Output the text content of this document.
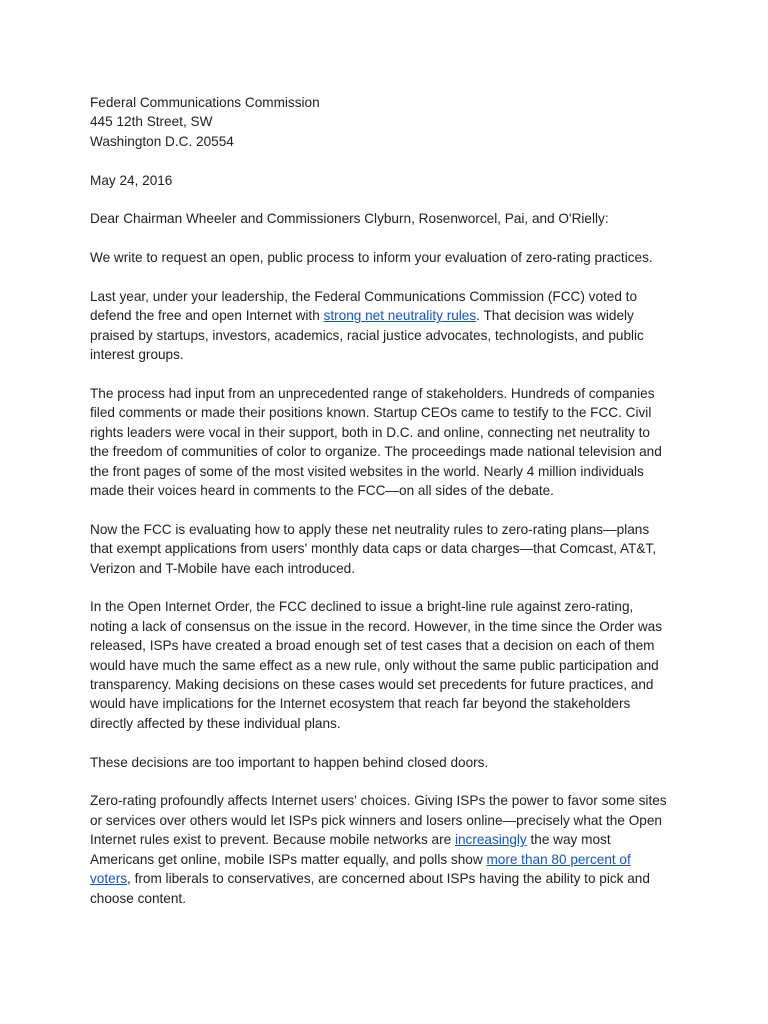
Federal Communications Commission
445 12th Street, SW
Washington D.C. 20554
May 24, 2016
Dear Chairman Wheeler and Commissioners Clyburn, Rosenworcel, Pai, and O'Rielly:
We write to request an open, public process to inform your evaluation of zero-rating practices.
Last year, under your leadership, the Federal Communications Commission (FCC) voted to
defend the free and open Internet with strong net neutrality rules. That decision was widely
praised by startups, investors, academics, racial justice advocates, technologists, and public
interest groups.
The process had input from an unprecedented range of stakeholders. Hundreds of companies
filed comments or made their positions known. Startup CEOs came to testify to the FCC. Civil
rights leaders were vocal in their support, both in D.C. and online, connecting net neutrality to
the freedom of communities of color to organize. The proceedings made national television and
the front pages of some of the most visited websites in the world. Nearly 4 million individuals
made their voices heard in comments to the FCC—on all sides of the debate.
Now the FCC is evaluating how to apply these net neutrality rules to zero-rating plans—plans
that exempt applications from users' monthly data caps or data charges—that Comcast, AT&T,
Verizon and T-Mobile have each introduced.
In the Open Internet Order, the FCC declined to issue a bright-line rule against zero-rating,
noting a lack of consensus on the issue in the record. However, in the time since the Order was
released, ISPs have created a broad enough set of test cases that a decision on each of them
would have much the same effect as a new rule, only without the same public participation and
transparency. Making decisions on these cases would set precedents for future practices, and
would have implications for the Internet ecosystem that reach far beyond the stakeholders
directly affected by these individual plans.
These decisions are too important to happen behind closed doors.
Zero-rating profoundly affects Internet users' choices. Giving ISPs the power to favor some sites
or services over others would let ISPs pick winners and losers online—precisely what the Open
Internet rules exist to prevent. Because mobile networks are increasingly the way most
Americans get online, mobile ISPs matter equally, and polls show more than 80 percent of
voters, from liberals to conservatives, are concerned about ISPs having the ability to pick and
choose content.
